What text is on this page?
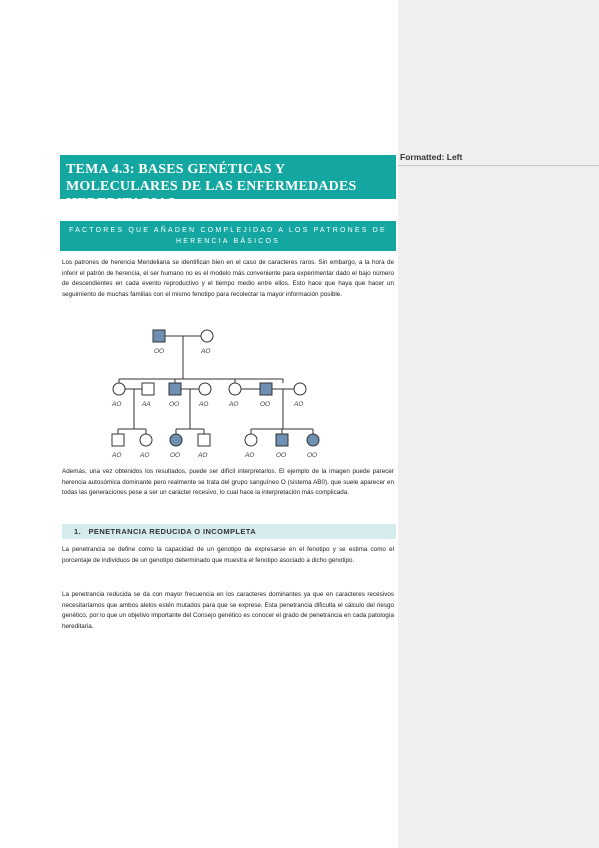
TEMA 4.3: BASES GENÉTICAS Y MOLECULARES DE LAS ENFERMEDADES HEREDITARIAS
FACTORES QUE AÑADEN COMPLEJIDAD A LOS PATRONES DE HERENCIA BÁSICOS
Los patrones de herencia Mendeliana se identifican bien en el caso de caracteres raros. Sin embargo, a la hora de inferir el patrón de herencia, el ser humano no es el modelo más conveniente para experimentar dado el bajo número de descendientes en cada evento reproductivo y el tiempo medio entre ellos. Esto hace que haya que hacer un seguimiento de muchas familias con el mismo fenotipo para recolectar la mayor información posible.
OO	AO
AO	AA	OO	AO	AO	OO	AO
AO	AO	OO	AO	AO	OO	OO
Además, una vez obtenidos los resultados, puede ser difícil interpretarlos. El ejemplo de la imagen puede parecer herencia autosómica dominante pero realmente se trata del grupo sanguíneo O (sistema AB0), que suele aparecer en todas las generaciones pese a ser un carácter recesivo, lo cual hace la interpretación más complicada.
1. PENETRANCIA REDUCIDA O INCOMPLETA
La penetrancia se define como la capacidad de un genotipo de expresarse en el fenotipo y se estima como el porcentaje de individuos de un genotipo determinado que muestra el fenotipo asociado a dicho genotipo.
La penetrancia reducida se da con mayor frecuencia en los caracteres dominantes ya que en caracteres recesivos necesitaríamos que ambos alelos estén mutados para que se exprese. Esta penetrancia dificulta el cálculo del riesgo genético, por lo que un objetivo importante del Consejo genético es conocer el grado de penetrancia en cada patología hereditaria.
Formatted: Left
